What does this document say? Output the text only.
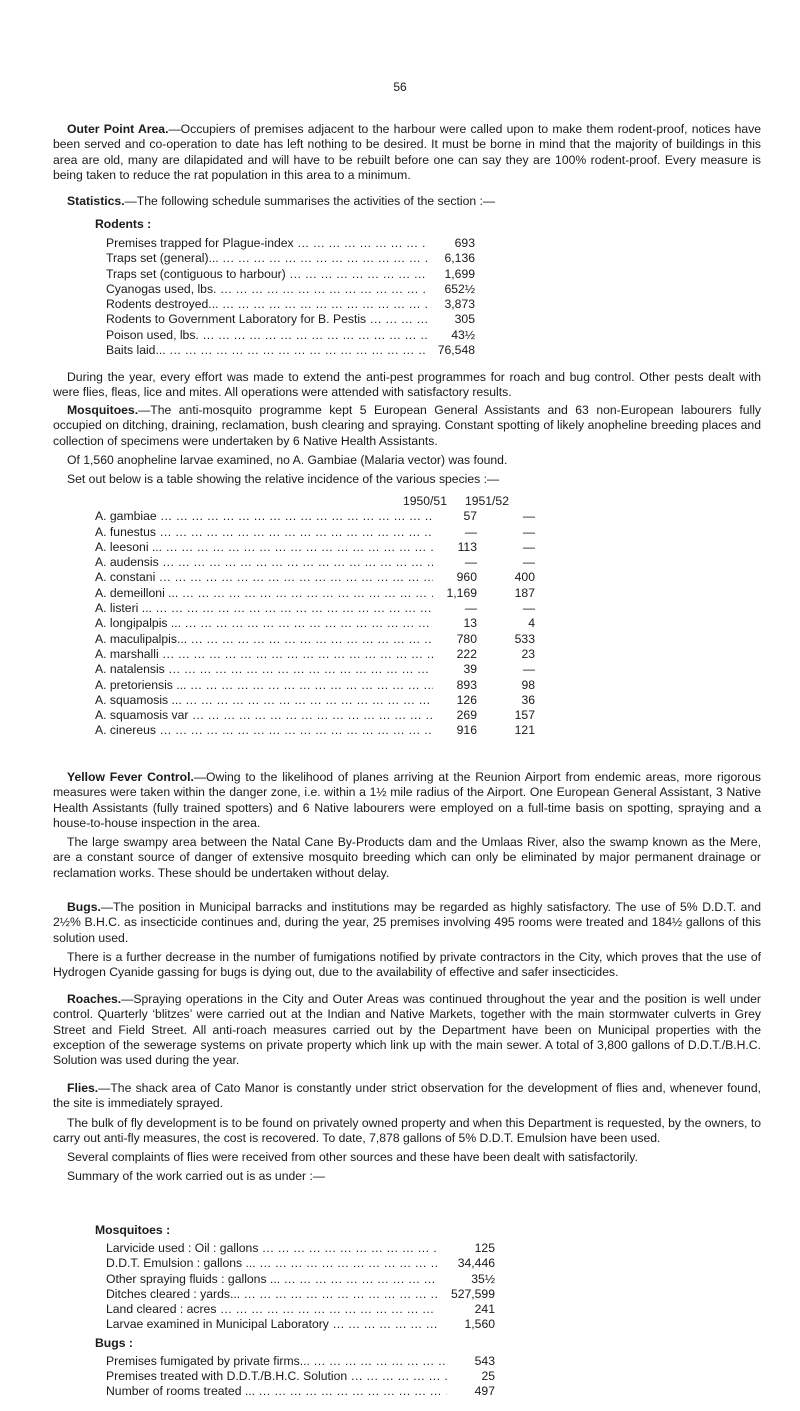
56

Outer Point Area.—Occupiers of premises adjacent to the harbour were called upon to make them rodent-proof, notices have been served and co-operation to date has left nothing to be desired. It must be borne in mind that the majority of buildings in this area are old, many are dilapidated and will have to be rebuilt before one can say they are 100% rodent-proof. Every measure is being taken to reduce the rat population in this area to a minimum.

Statistics.—The following schedule summarises the activities of the section :—

Rodents :
Premises trapped for Plague-index ... .	693
Traps set (general)... ... .	6,136
Traps set (contiguous to harbour) ... .	1,699
Cyanogas used, lbs. ... .	652½
Rodents destroyed... ... .	3,873
Rodents to Government Laboratory for B. Pestis ... .	305
Poison used, lbs. ... .	43½
Baits laid... ... .	76,548

During the year, every effort was made to extend the anti-pest programmes for roach and bug control. Other pests dealt with were flies, fleas, lice and mites. All operations were attended with satisfactory results.

Mosquitoes.—The anti-mosquito programme kept 5 European General Assistants and 63 non-European labourers fully occupied on ditching, draining, reclamation, bush clearing and spraying. Constant spotting of likely anopheline breeding places and collection of specimens were undertaken by 6 Native Health Assistants.

Of 1,560 anopheline larvae examined, no A. Gambiae (Malaria vector) was found.

Set out below is a table showing the relative incidence of the various species :—

1950/51	1951/52
A. gambiae ... .	57	—
A. funestus ... .	—	—
A. leesoni ... ... .	113	—
A. audensis ... .	—	—
A. constani ... .	960	400
A. demeilloni ... ... .	1,169	187
A. listeri ... ... .	—	—
A. longipalpis ... ... .	13	4
A. maculipalpis... ... .	780	533
A. marshalli ... .	222	23
A. natalensis ... .	39	—
A. pretoriensis ... ... .	893	98
A. squamosis ... ... .	126	36
A. squamosis var ... .	269	157
A. cinereus ... .	916	121

Yellow Fever Control.—Owing to the likelihood of planes arriving at the Reunion Airport from endemic areas, more rigorous measures were taken within the danger zone, i.e. within a 1½ mile radius of the Airport. One European General Assistant, 3 Native Health Assistants (fully trained spotters) and 6 Native labourers were employed on a full-time basis on spotting, spraying and a house-to-house inspection in the area.

The large swampy area between the Natal Cane By-Products dam and the Umlaas River, also the swamp known as the Mere, are a constant source of danger of extensive mosquito breeding which can only be eliminated by major permanent drainage or reclamation works. These should be undertaken without delay.

Bugs.—The position in Municipal barracks and institutions may be regarded as highly satisfactory. The use of 5% D.D.T. and 2½% B.H.C. as insecticide continues and, during the year, 25 premises involving 495 rooms were treated and 184½ gallons of this solution used.

There is a further decrease in the number of fumigations notified by private contractors in the City, which proves that the use of Hydrogen Cyanide gassing for bugs is dying out, due to the availability of effective and safer insecticides.

Roaches.—Spraying operations in the City and Outer Areas was continued throughout the year and the position is well under control. Quarterly ‘blitzes’ were carried out at the Indian and Native Markets, together with the main stormwater culverts in Grey Street and Field Street. All anti-roach measures carried out by the Department have been on Municipal properties with the exception of the sewerage systems on private property which link up with the main sewer. A total of 3,800 gallons of D.D.T./B.H.C. Solution was used during the year.

Flies.—The shack area of Cato Manor is constantly under strict observation for the development of flies and, whenever found, the site is immediately sprayed.

The bulk of fly development is to be found on privately owned property and when this Department is requested, by the owners, to carry out anti-fly measures, the cost is recovered. To date, 7,878 gallons of 5% D.D.T. Emulsion have been used.

Several complaints of flies were received from other sources and these have been dealt with satisfactorily.

Summary of the work carried out is as under :—

Mosquitoes :
Larvicide used : Oil : gallons ... .	125
D.D.T. Emulsion : gallons ... ... .	34,446
Other spraying fluids : gallons ... ... .	35½
Ditches cleared : yards... ... .	527,599
Land cleared : acres ... .	241
Larvae examined in Municipal Laboratory ... .	1,560
Bugs :
Premises fumigated by private firms... ... .	543
Premises treated with D.D.T./B.H.C. Solution ... .	25
Number of rooms treated ... ... .	497
